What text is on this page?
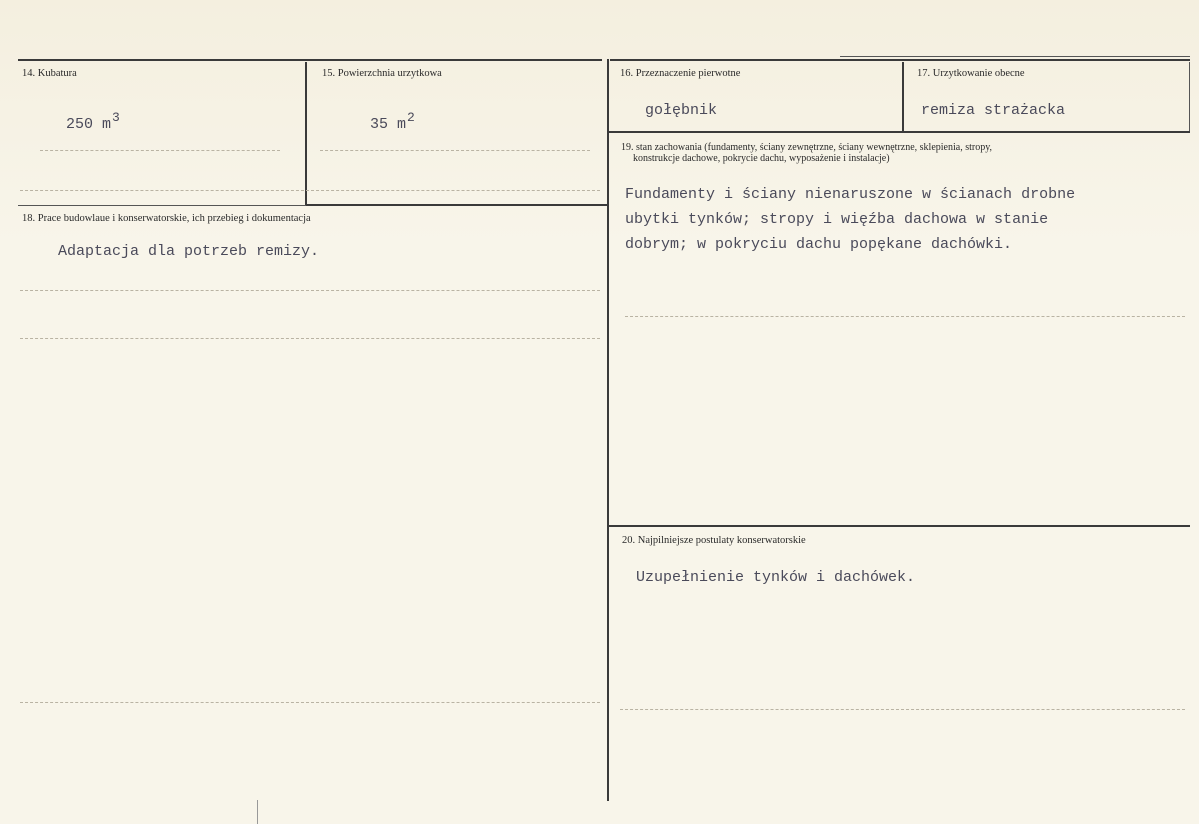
14. Kubatura
250 $m^3$
15. Powierzchnia urzytkowa
35 $m^2$
16. Przeznaczenie pierwotne
gołębnik
17. Urzytkowanie obecne
remiza strażacka
18. Prace budowlaue i konserwatorskie, ich przebieg i dokumentacja
Adaptacja dla potrzeb remizy.
19. stan zachowania (fundamenty, ściany zewnętrzne, ściany wewnętrzne, sklepienia, stropy,
konstrukcje dachowe, pokrycie dachu, wyposażenie i instalacje)
Fundamenty i ściany nienaruszone w ścianach drobne
ubytki tynków; stropy i więźba dachowa w stanie
dobrym; w pokryciu dachu popękane dachówki.
20. Najpilniejsze postulaty konserwatorskie
Uzupełnienie tynków i dachówek.
